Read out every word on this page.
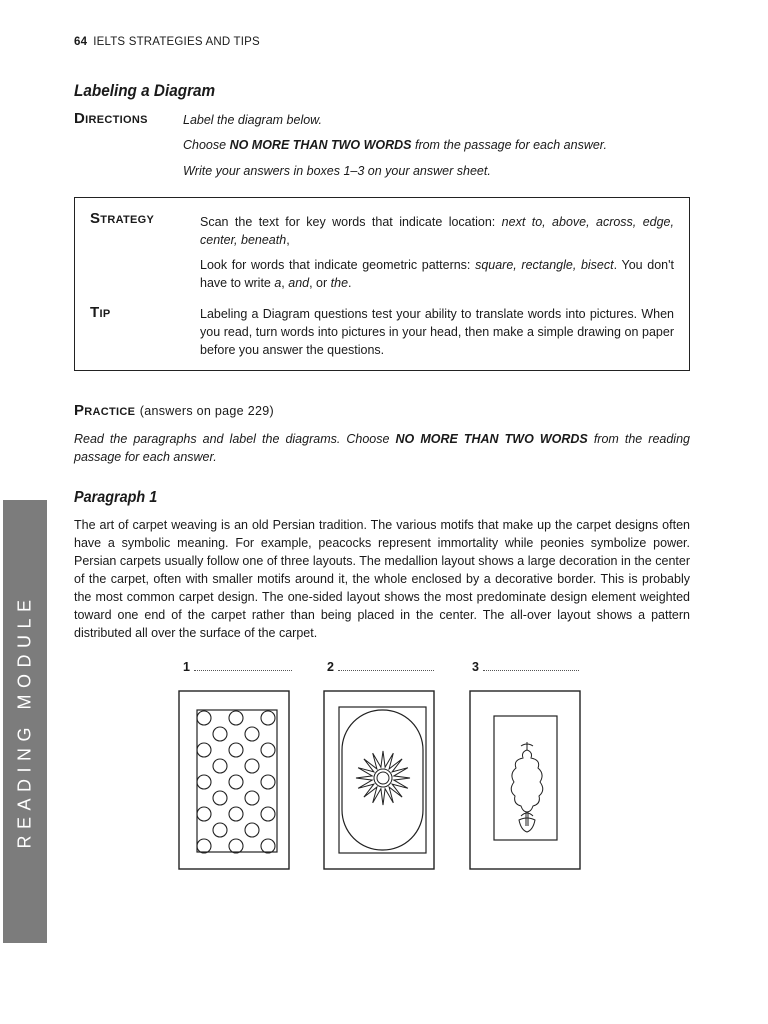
64 IELTS STRATEGIES AND TIPS
Labeling a Diagram
Directions	Label the diagram below.
Choose NO MORE THAN TWO WORDS from the passage for each answer.
Write your answers in boxes 1–3 on your answer sheet.
Strategy	Scan the text for key words that indicate location: next to, above, across, edge, center, beneath,
Look for words that indicate geometric patterns: square, rectangle, bisect. You don't have to write a, and, or the.
Tip	Labeling a Diagram questions test your ability to translate words into pictures. When you read, turn words into pictures in your head, then make a simple drawing on paper before you answer the questions.
Practice (answers on page 229)
Read the paragraphs and label the diagrams. Choose NO MORE THAN TWO WORDS from the reading passage for each answer.
Paragraph 1
The art of carpet weaving is an old Persian tradition. The various motifs that make up the carpet designs often have a symbolic meaning. For example, peacocks represent immortality while peonies symbolize power. Persian carpets usually follow one of three layouts. The medallion layout shows a large decoration in the center of the carpet, often with smaller motifs around it, the whole enclosed by a decorative border. This is probably the most common carpet design. The one-sided layout shows the most predominate design element weighted toward one end of the carpet rather than being placed in the center. The all-over layout shows a pattern distributed all over the surface of the carpet.
1	2	3
READING MODULE
